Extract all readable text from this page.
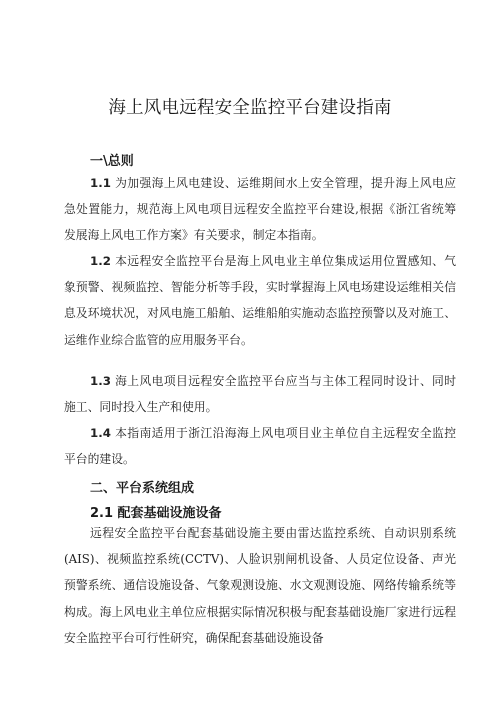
海上风电远程安全监控平台建设指南
一\总则
1.1 为加强海上风电建设、运维期间水上安全管理，提升海上风电应急处置能力，规范海上风电项目远程安全监控平台建设,根据《浙江省统筹发展海上风电工作方案》有关要求，制定本指南。
1.2 本远程安全监控平台是海上风电业主单位集成运用位置感知、气象预警、视频监控、智能分析等手段，实时掌握海上风电场建设运维相关信息及环境状况，对风电施工船舶、运维船舶实施动态监控预警以及对施工、运维作业综合监管的应用服务平台。
1.3 海上风电项目远程安全监控平台应当与主体工程同时设计、同时施工、同时投入生产和使用。
1.4 本指南适用于浙江沿海海上风电项目业主单位自主远程安全监控平台的建设。
二、平台系统组成
2.1 配套基础设施设备
远程安全监控平台配套基础设施主要由雷达监控系统、自动识别系统(AIS)、视频监控系统(CCTV)、人脸识别闸机设备、人员定位设备、声光预警系统、通信设施设备、气象观测设施、水文观测设施、网络传输系统等构成。海上风电业主单位应根据实际情况积极与配套基础设施厂家进行远程安全监控平台可行性研究，确保配套基础设施设备
